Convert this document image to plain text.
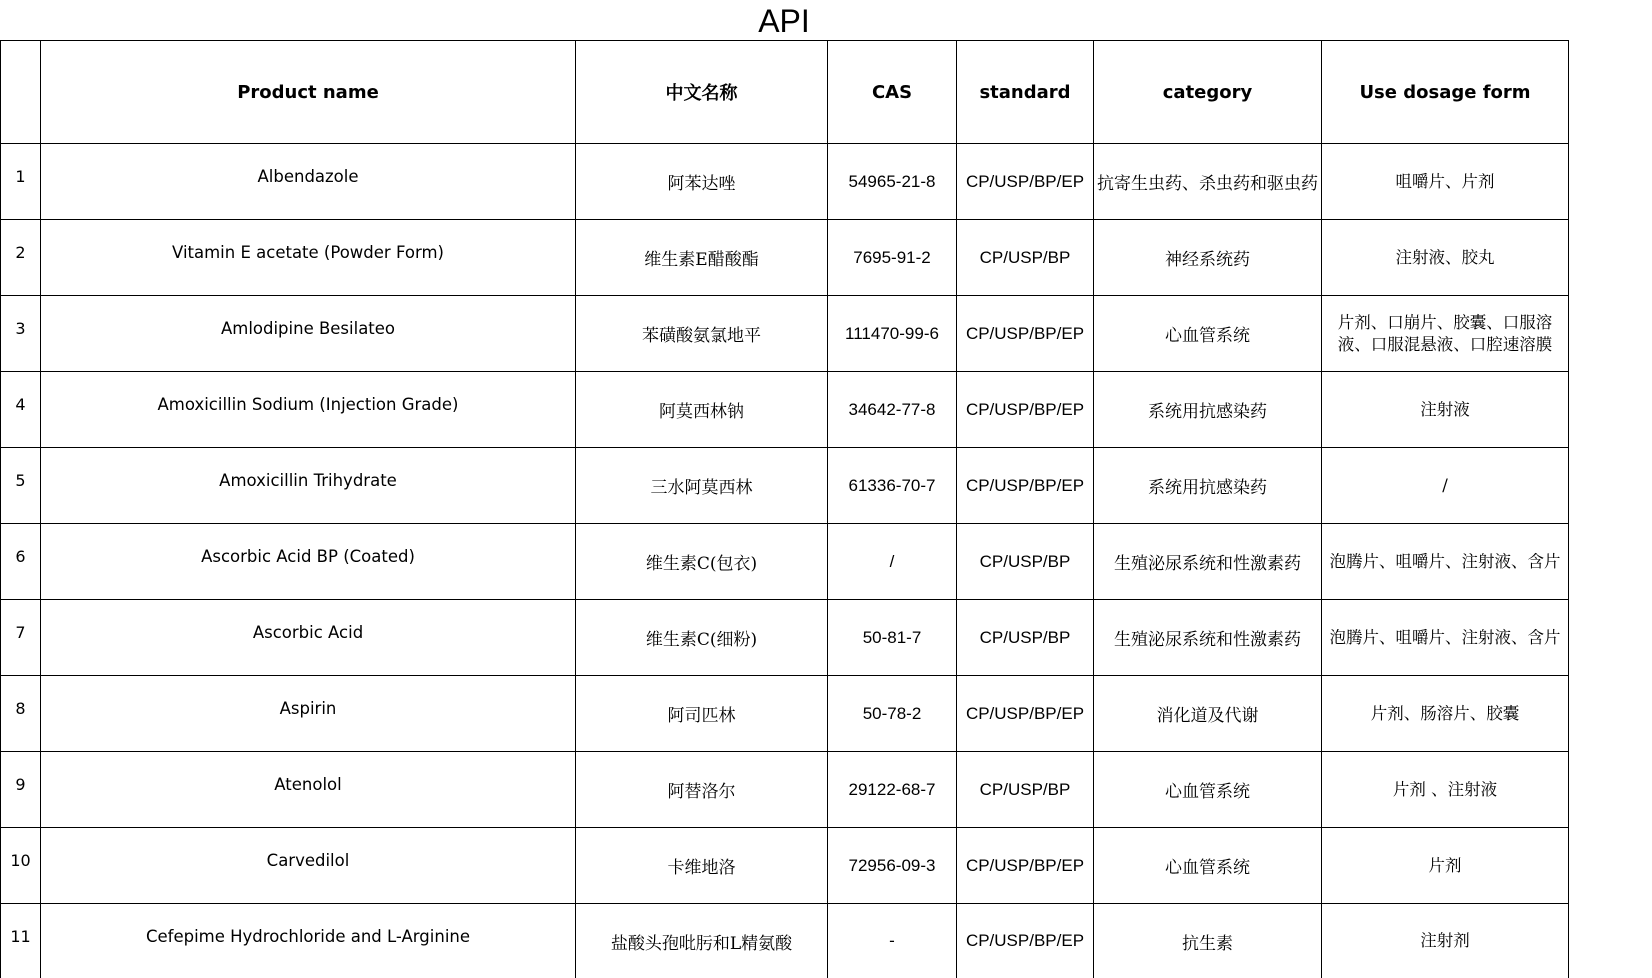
API
	Product name	中文名称	CAS	standard	category	Use dosage form
1	Albendazole	阿苯达唑	54965-21-8	CP/USP/BP/EP	抗寄生虫药、杀虫药和驱虫药	咀嚼片、片剂
2	Vitamin E acetate (Powder Form)	维生素E醋酸酯	7695-91-2	CP/USP/BP	神经系统药	注射液、胶丸
3	Amlodipine Besilateo	苯磺酸氨氯地平	111470-99-6	CP/USP/BP/EP	心血管系统	片剂、口崩片、胶囊、口服溶液、口服混悬液、口腔速溶膜
4	Amoxicillin Sodium (Injection Grade)	阿莫西林钠	34642-77-8	CP/USP/BP/EP	系统用抗感染药	注射液
5	Amoxicillin Trihydrate	三水阿莫西林	61336-70-7	CP/USP/BP/EP	系统用抗感染药	/
6	Ascorbic Acid BP (Coated)	维生素C(包衣)	/	CP/USP/BP	生殖泌尿系统和性激素药	泡腾片、咀嚼片、注射液、含片
7	Ascorbic Acid	维生素C(细粉)	50-81-7	CP/USP/BP	生殖泌尿系统和性激素药	泡腾片、咀嚼片、注射液、含片
8	Aspirin	阿司匹林	50-78-2	CP/USP/BP/EP	消化道及代谢	片剂、肠溶片、胶囊
9	Atenolol	阿替洛尔	29122-68-7	CP/USP/BP	心血管系统	片剂 、注射液
10	Carvedilol	卡维地洛	72956-09-3	CP/USP/BP/EP	心血管系统	片剂
11	Cefepime Hydrochloride and L-Arginine	盐酸头孢吡肟和L精氨酸	-	CP/USP/BP/EP	抗生素	注射剂
